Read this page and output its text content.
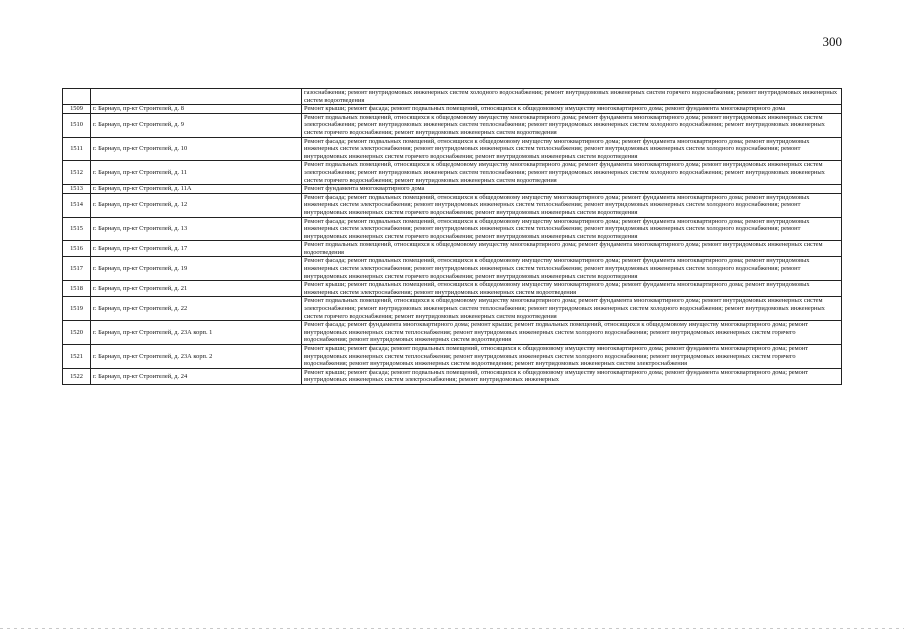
300
		газоснабжения; ремонт внутридомовых инженерных систем холодного водоснабжения; ремонт внутридомовых инженерных систем горячего водоснабжения; ремонт внутридомовых инженерных систем водоотведения
1509	г. Барнаул, пр-кт Строителей, д. 8	Ремонт крыши; ремонт фасада; ремонт подвальных помещений, относящихся к общедомовому имуществу многоквартирного дома; ремонт фундамента многоквартирного дома
1510	г. Барнаул, пр-кт Строителей, д. 9	Ремонт подвальных помещений, относящихся к общедомовому имуществу многоквартирного дома; ремонт фундамента многоквартирного дома; ремонт внутридомовых инженерных систем электроснабжения; ремонт внутридомовых инженерных систем теплоснабжения; ремонт внутридомовых инженерных систем холодного водоснабжения; ремонт внутридомовых инженерных систем горячего водоснабжения; ремонт внутридомовых инженерных систем водоотведения
1511	г. Барнаул, пр-кт Строителей, д. 10	Ремонт фасада; ремонт подвальных помещений, относящихся к общедомовому имуществу многоквартирного дома; ремонт фундамента многоквартирного дома; ремонт внутридомовых инженерных систем электроснабжения; ремонт внутридомовых инженерных систем теплоснабжения; ремонт внутридомовых инженерных систем холодного водоснабжения; ремонт внутридомовых инженерных систем горячего водоснабжения; ремонт внутридомовых инженерных систем водоотведения
1512	г. Барнаул, пр-кт Строителей, д. 11	Ремонт подвальных помещений, относящихся к общедомовому имуществу многоквартирного дома; ремонт фундамента многоквартирного дома; ремонт внутридомовых инженерных систем электроснабжения; ремонт внутридомовых инженерных систем теплоснабжения; ремонт внутридомовых инженерных систем холодного водоснабжения; ремонт внутридомовых инженерных систем горячего водоснабжения; ремонт внутридомовых инженерных систем водоотведения
1513	г. Барнаул, пр-кт Строителей, д. 11А	Ремонт фундамента многоквартирного дома
1514	г. Барнаул, пр-кт Строителей, д. 12	Ремонт фасада; ремонт подвальных помещений, относящихся к общедомовому имуществу многоквартирного дома; ремонт фундамента многоквартирного дома; ремонт внутридомовых инженерных систем электроснабжения; ремонт внутридомовых инженерных систем теплоснабжения; ремонт внутридомовых инженерных систем холодного водоснабжения; ремонт внутридомовых инженерных систем горячего водоснабжения; ремонт внутридомовых инженерных систем водоотведения
1515	г. Барнаул, пр-кт Строителей, д. 13	Ремонт фасада; ремонт подвальных помещений, относящихся к общедомовому имуществу многоквартирного дома; ремонт фундамента многоквартирного дома; ремонт внутридомовых инженерных систем электроснабжения; ремонт внутридомовых инженерных систем теплоснабжения; ремонт внутридомовых инженерных систем холодного водоснабжения; ремонт внутридомовых инженерных систем горячего водоснабжения; ремонт внутридомовых инженерных систем водоотведения
1516	г. Барнаул, пр-кт Строителей, д. 17	Ремонт подвальных помещений, относящихся к общедомовому имуществу многоквартирного дома; ремонт фундамента многоквартирного дома; ремонт внутридомовых инженерных систем водоотведения
1517	г. Барнаул, пр-кт Строителей, д. 19	Ремонт фасада; ремонт подвальных помещений, относящихся к общедомовому имуществу многоквартирного дома; ремонт фундамента многоквартирного дома; ремонт внутридомовых инженерных систем электроснабжения; ремонт внутридомовых инженерных систем теплоснабжения; ремонт внутридомовых инженерных систем холодного водоснабжения; ремонт внутридомовых инженерных систем горячего водоснабжения; ремонт внутридомовых инженерных систем водоотведения
1518	г. Барнаул, пр-кт Строителей, д. 21	Ремонт крыши; ремонт подвальных помещений, относящихся к общедомовому имуществу многоквартирного дома; ремонт фундамента многоквартирного дома; ремонт внутридомовых инженерных систем электроснабжения; ремонт внутридомовых инженерных систем водоотведения
1519	г. Барнаул, пр-кт Строителей, д. 22	Ремонт подвальных помещений, относящихся к общедомовому имуществу многоквартирного дома; ремонт фундамента многоквартирного дома; ремонт внутридомовых инженерных систем электроснабжения; ремонт внутридомовых инженерных систем теплоснабжения; ремонт внутридомовых инженерных систем холодного водоснабжения; ремонт внутридомовых инженерных систем горячего водоснабжения; ремонт внутридомовых инженерных систем водоотведения
1520	г. Барнаул, пр-кт Строителей, д. 23А корп. 1	Ремонт фасада; ремонт фундамента многоквартирного дома; ремонт крыши; ремонт подвальных помещений, относящихся к общедомовому имуществу многоквартирного дома; ремонт внутридомовых инженерных систем теплоснабжения; ремонт внутридомовых инженерных систем холодного водоснабжения; ремонт внутридомовых инженерных систем горячего водоснабжения; ремонт внутридомовых инженерных систем водоотведения
1521	г. Барнаул, пр-кт Строителей, д. 23А корп. 2	Ремонт крыши; ремонт фасада; ремонт подвальных помещений, относящихся к общедомовому имуществу многоквартирного дома; ремонт фундамента многоквартирного дома; ремонт внутридомовых инженерных систем теплоснабжения; ремонт внутридомовых инженерных систем холодного водоснабжения; ремонт внутридомовых инженерных систем горячего водоснабжения; ремонт внутридомовых инженерных систем водоотведения; ремонт внутридомовых инженерных систем электроснабжения
1522	г. Барнаул, пр-кт Строителей, д. 24	Ремонт крыши; ремонт фасада; ремонт подвальных помещений, относящихся к общедомовому имуществу многоквартирного дома; ремонт фундамента многоквартирного дома; ремонт внутридомовых инженерных систем электроснабжения; ремонт внутридомовых инженерных
